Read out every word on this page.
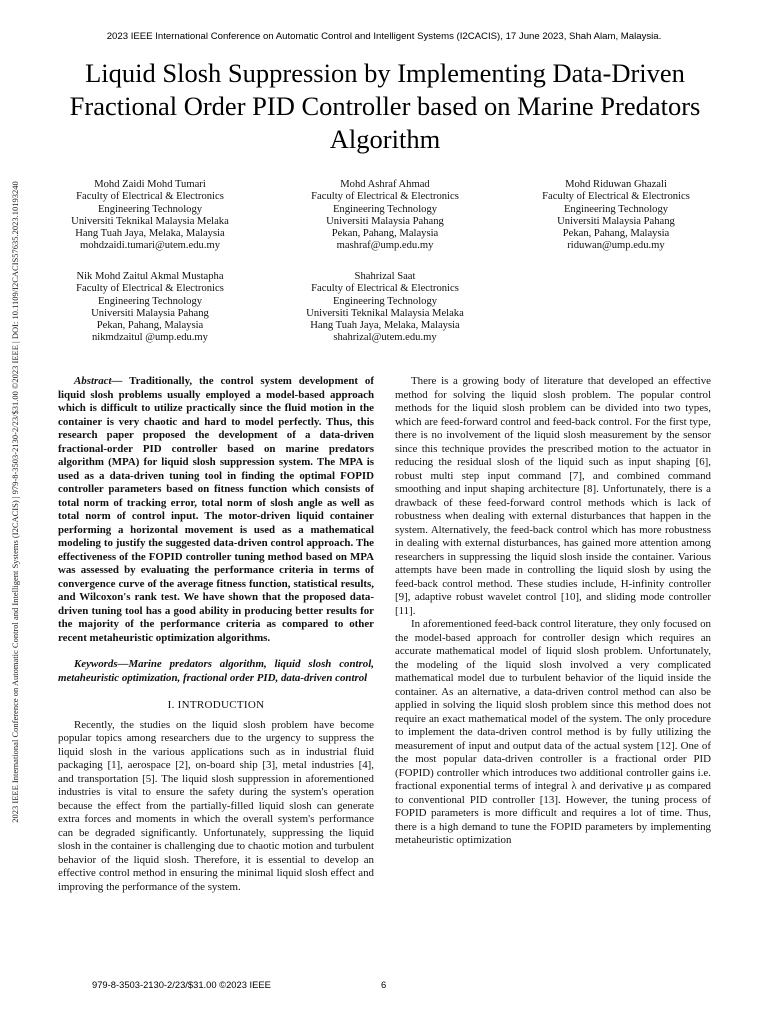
2023 IEEE International Conference on Automatic Control and Intelligent Systems (I2CACIS), 17 June 2023, Shah Alam, Malaysia.
Liquid Slosh Suppression by Implementing Data-Driven Fractional Order PID Controller based on Marine Predators Algorithm
2023 IEEE International Conference on Automatic Control and Intelligent Systems (I2CACIS) | 979-8-3503-2130-2/23/$31.00 ©2023 IEEE | DOI: 10.1109/I2CACIS57635.2023.10193240	Mohd Zaidi Mohd Tumari
Faculty of Electrical & Electronics
Engineering Technology
Universiti Teknikal Malaysia Melaka
Hang Tuah Jaya, Melaka, Malaysia
mohdzaidi.tumari@utem.edu.my
Mohd Ashraf Ahmad
Faculty of Electrical & Electronics
Engineering Technology
Universiti Malaysia Pahang
Pekan, Pahang, Malaysia
mashraf@ump.edu.my
Mohd Riduwan Ghazali
Faculty of Electrical & Electronics
Engineering Technology
Universiti Malaysia Pahang
Pekan, Pahang, Malaysia
riduwan@ump.edu.my
Nik Mohd Zaitul Akmal Mustapha
Faculty of Electrical & Electronics
Engineering Technology
Universiti Malaysia Pahang
Pekan, Pahang, Malaysia
nikmdzaitul @ump.edu.my
Shahrizal Saat
Faculty of Electrical & Electronics
Engineering Technology
Universiti Teknikal Malaysia Melaka
Hang Tuah Jaya, Melaka, Malaysia
shahrizal@utem.edu.my

Abstract— Traditionally, the control system development of liquid slosh problems usually employed a model-based approach which is difficult to utilize practically since the fluid motion in the container is very chaotic and hard to model perfectly. Thus, this research paper proposed the development of a data-driven fractional-order PID controller based on marine predators algorithm (MPA) for liquid slosh suppression system. The MPA is used as a data-driven tuning tool in finding the optimal FOPID controller parameters based on fitness function which consists of total norm of tracking error, total norm of slosh angle as well as total norm of control input. The motor-driven liquid container performing a horizontal movement is used as a mathematical modeling to justify the suggested data-driven control approach. The effectiveness of the FOPID controller tuning method based on MPA was assessed by evaluating the performance criteria in terms of convergence curve of the average fitness function, statistical results, and Wilcoxon's rank test. We have shown that the proposed data-driven tuning tool has a good ability in producing better results for the majority of the performance criteria as compared to other recent metaheuristic optimization algorithms.

Keywords—Marine predators algorithm, liquid slosh control, metaheuristic optimization, fractional order PID, data-driven control

I. INTRODUCTION

Recently, the studies on the liquid slosh problem have become popular topics among researchers due to the urgency to suppress the liquid slosh in the various applications such as in industrial fluid packaging [1], aerospace [2], on-board ship [3], metal industries [4], and transportation [5]. The liquid slosh suppression in aforementioned industries is vital to ensure the safety during the system's operation because the effect from the partially-filled liquid slosh can generate extra forces and moments in which the overall system's performance can be degraded significantly. Unfortunately, suppressing the liquid slosh in the container is challenging due to chaotic motion and turbulent behavior of the liquid slosh. Therefore, it is essential to develop an effective control method in ensuring the minimal liquid slosh effect and improving the performance of the system.

There is a growing body of literature that developed an effective method for solving the liquid slosh problem. The popular control methods for the liquid slosh problem can be divided into two types, which are feed-forward control and feed-back control. For the first type, there is no involvement of the liquid slosh measurement by the sensor since this technique provides the prescribed motion to the actuator in reducing the residual slosh of the liquid such as input shaping [6], robust multi step input command [7], and combined command smoothing and input shaping architecture [8]. Unfortunately, there is a drawback of these feed-forward control methods which is lack of robustness when dealing with external disturbances that happen in the system. Alternatively, the feed-back control which has more robustness in dealing with external disturbances, has gained more attention among researchers in suppressing the liquid slosh inside the container. Various attempts have been made in controlling the liquid slosh by using the feed-back control method. These studies include, H-infinity controller [9], adaptive robust wavelet control [10], and sliding mode controller [11].

In aforementioned feed-back control literature, they only focused on the model-based approach for controller design which requires an accurate mathematical model of liquid slosh problem. Unfortunately, the modeling of the liquid slosh involved a very complicated mathematical model due to turbulent behavior of the liquid inside the container. As an alternative, a data-driven control method can also be applied in solving the liquid slosh problem since this method does not require an exact mathematical model of the system. The only procedure to implement the data-driven control method is by fully utilizing the measurement of input and output data of the actual system [12]. One of the most popular data-driven controller is a fractional order PID (FOPID) controller which introduces two additional controller gains i.e. fractional exponential terms of integral λ and derivative μ as compared to conventional PID controller [13]. However, the tuning process of FOPID parameters is more difficult and requires a lot of time. Thus, there is a high demand to tune the FOPID parameters by implementing metaheuristic optimization

979-8-3503-2130-2/23/$31.00 ©2023 IEEE	6
